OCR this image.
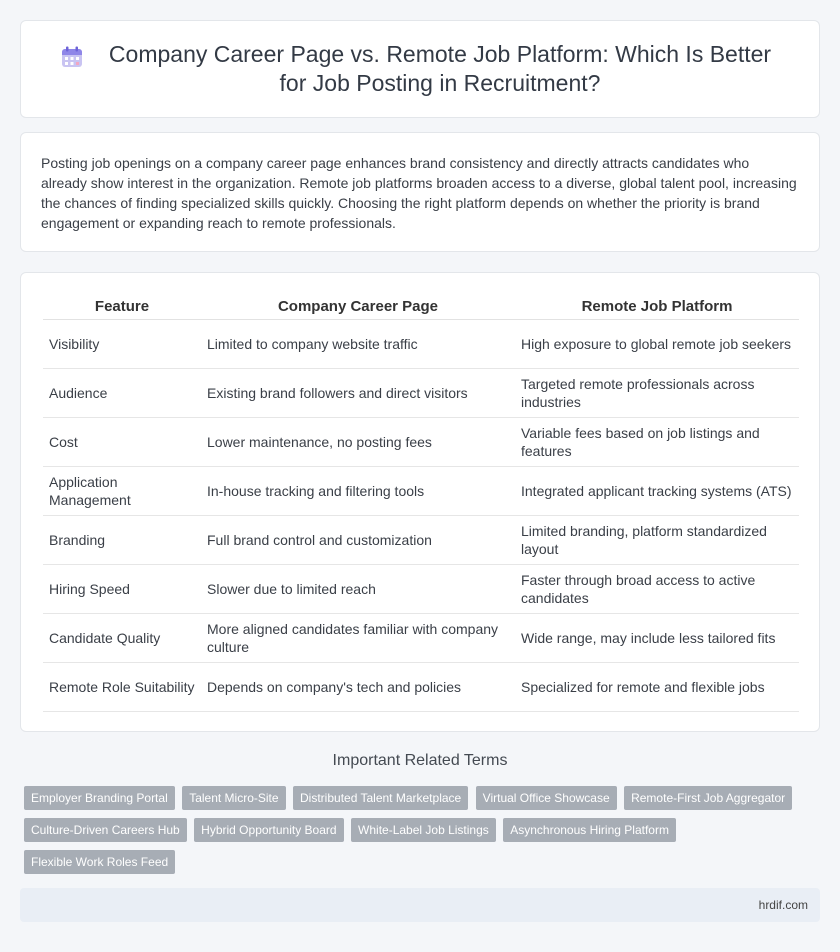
Company Career Page vs. Remote Job Platform: Which Is Better for Job Posting in Recruitment?

Posting job openings on a company career page enhances brand consistency and directly attracts candidates who already show interest in the organization. Remote job platforms broaden access to a diverse, global talent pool, increasing the chances of finding specialized skills quickly. Choosing the right platform depends on whether the priority is brand engagement or expanding reach to remote professionals.

Feature	Company Career Page	Remote Job Platform
Visibility	Limited to company website traffic	High exposure to global remote job seekers
Audience	Existing brand followers and direct visitors	Targeted remote professionals across industries
Cost	Lower maintenance, no posting fees	Variable fees based on job listings and features
Application Management	In-house tracking and filtering tools	Integrated applicant tracking systems (ATS)
Branding	Full brand control and customization	Limited branding, platform standardized layout
Hiring Speed	Slower due to limited reach	Faster through broad access to active candidates
Candidate Quality	More aligned candidates familiar with company culture	Wide range, may include less tailored fits
Remote Role Suitability	Depends on company's tech and policies	Specialized for remote and flexible jobs
Important Related Terms
Employer Branding Portal Talent Micro-Site Distributed Talent Marketplace Virtual Office Showcase Remote-First Job Aggregator
Culture-Driven Careers Hub Hybrid Opportunity Board White-Label Job Listings Asynchronous Hiring Platform
Flexible Work Roles Feed
hrdif.com
